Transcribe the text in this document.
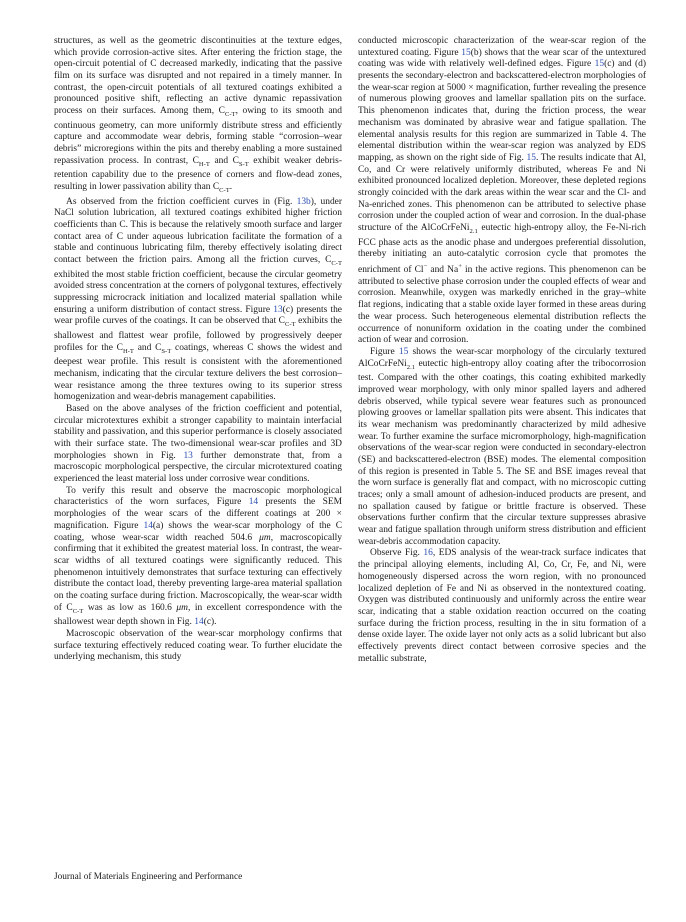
structures, as well as the geometric discontinuities at the texture edges, which provide corrosion-active sites. After entering the friction stage, the open-circuit potential of C decreased markedly, indicating that the passive film on its surface was disrupted and not repaired in a timely manner. In contrast, the open-circuit potentials of all textured coatings exhibited a pronounced positive shift, reflecting an active dynamic repassivation process on their surfaces. Among them, $C_{C-T}$, owing to its smooth and continuous geometry, can more uniformly distribute stress and efficiently capture and accommodate wear debris, forming stable “corrosion–wear debris” microregions within the pits and thereby enabling a more sustained repassivation process. In contrast, $C_{H-T}$ and $C_{S-T}$ exhibit weaker debris-retention capability due to the presence of corners and flow-dead zones, resulting in lower passivation ability than $C_{C-T}$.

As observed from the friction coefficient curves in (Fig. 13b), under NaCl solution lubrication, all textured coatings exhibited higher friction coefficients than C. This is because the relatively smooth surface and larger contact area of C under aqueous lubrication facilitate the formation of a stable and continuous lubricating film, thereby effectively isolating direct contact between the friction pairs. Among all the friction curves, $C_{C-T}$ exhibited the most stable friction coefficient, because the circular geometry avoided stress concentration at the corners of polygonal textures, effectively suppressing microcrack initiation and localized material spallation while ensuring a uniform distribution of contact stress. Figure 13(c) presents the wear profile curves of the coatings. It can be observed that $C_{C-T}$ exhibits the shallowest and flattest wear profile, followed by progressively deeper profiles for the $C_{H-T}$ and $C_{S-T}$ coatings, whereas C shows the widest and deepest wear profile. This result is consistent with the aforementioned mechanism, indicating that the circular texture delivers the best corrosion–wear resistance among the three textures owing to its superior stress homogenization and wear-debris management capabilities.

Based on the above analyses of the friction coefficient and potential, circular microtextures exhibit a stronger capability to maintain interfacial stability and passivation, and this superior performance is closely associated with their surface state. The two-dimensional wear-scar profiles and 3D morphologies shown in Fig. 13 further demonstrate that, from a macroscopic morphological perspective, the circular microtextured coating experienced the least material loss under corrosive wear conditions.

To verify this result and observe the macroscopic morphological characteristics of the worn surfaces, Figure 14 presents the SEM morphologies of the wear scars of the different coatings at 200 × magnification. Figure 14(a) shows the wear-scar morphology of the C coating, whose wear-scar width reached 504.6 μm, macroscopically confirming that it exhibited the greatest material loss. In contrast, the wear-scar widths of all textured coatings were significantly reduced. This phenomenon intuitively demonstrates that surface texturing can effectively distribute the contact load, thereby preventing large-area material spallation on the coating surface during friction. Macroscopically, the wear-scar width of $C_{C-T}$ was as low as 160.6 μm, in excellent correspondence with the shallowest wear depth shown in Fig. 14(c).

Macroscopic observation of the wear-scar morphology confirms that surface texturing effectively reduced coating wear. To further elucidate the underlying mechanism, this study

conducted microscopic characterization of the wear-scar region of the untextured coating. Figure 15(b) shows that the wear scar of the untextured coating was wide with relatively well-defined edges. Figure 15(c) and (d) presents the secondary-electron and backscattered-electron morphologies of the wear-scar region at 5000 × magnification, further revealing the presence of numerous plowing grooves and lamellar spallation pits on the surface. This phenomenon indicates that, during the friction process, the wear mechanism was dominated by abrasive wear and fatigue spallation. The elemental analysis results for this region are summarized in Table 4. The elemental distribution within the wear-scar region was analyzed by EDS mapping, as shown on the right side of Fig. 15. The results indicate that Al, Co, and Cr were relatively uniformly distributed, whereas Fe and Ni exhibited pronounced localized depletion. Moreover, these depleted regions strongly coincided with the dark areas within the wear scar and the Cl- and Na-enriched zones. This phenomenon can be attributed to selective phase corrosion under the coupled action of wear and corrosion. In the dual-phase structure of the AlCoCrFeNi$_{2.1}$ eutectic high-entropy alloy, the Fe-Ni-rich FCC phase acts as the anodic phase and undergoes preferential dissolution, thereby initiating an auto-catalytic corrosion cycle that promotes the enrichment of Cl− and Na+ in the active regions. This phenomenon can be attributed to selective phase corrosion under the coupled effects of wear and corrosion. Meanwhile, oxygen was markedly enriched in the gray–white flat regions, indicating that a stable oxide layer formed in these areas during the wear process. Such heterogeneous elemental distribution reflects the occurrence of nonuniform oxidation in the coating under the combined action of wear and corrosion.

Figure 15 shows the wear-scar morphology of the circularly textured AlCoCrFeNi$_{2.1}$ eutectic high-entropy alloy coating after the tribocorrosion test. Compared with the other coatings, this coating exhibited markedly improved wear morphology, with only minor spalled layers and adhered debris observed, while typical severe wear features such as pronounced plowing grooves or lamellar spallation pits were absent. This indicates that its wear mechanism was predominantly characterized by mild adhesive wear. To further examine the surface micromorphology, high-magnification observations of the wear-scar region were conducted in secondary-electron (SE) and backscattered-electron (BSE) modes. The elemental composition of this region is presented in Table 5. The SE and BSE images reveal that the worn surface is generally flat and compact, with no microscopic cutting traces; only a small amount of adhesion-induced products are present, and no spallation caused by fatigue or brittle fracture is observed. These observations further confirm that the circular texture suppresses abrasive wear and fatigue spallation through uniform stress distribution and efficient wear-debris accommodation capacity.

Observe Fig. 16, EDS analysis of the wear-track surface indicates that the principal alloying elements, including Al, Co, Cr, Fe, and Ni, were homogeneously dispersed across the worn region, with no pronounced localized depletion of Fe and Ni as observed in the nontextured coating. Oxygen was distributed continuously and uniformly across the entire wear scar, indicating that a stable oxidation reaction occurred on the coating surface during the friction process, resulting in the in situ formation of a dense oxide layer. The oxide layer not only acts as a solid lubricant but also effectively prevents direct contact between corrosive species and the metallic substrate,

Journal of Materials Engineering and Performance
